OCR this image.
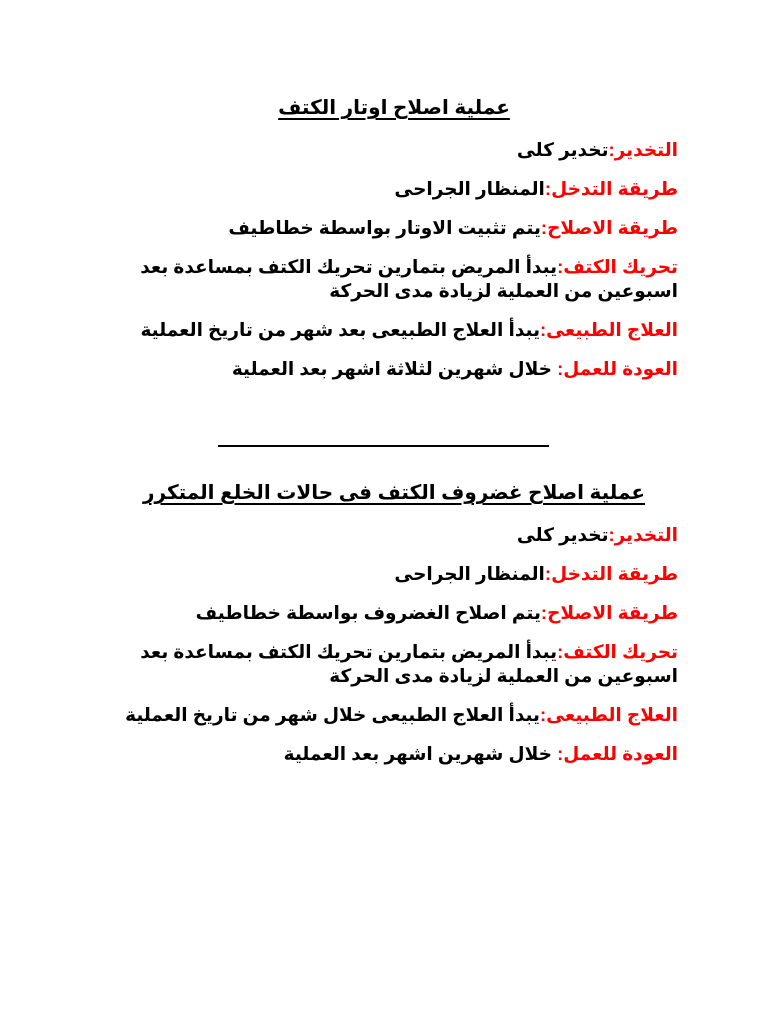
عملية اصلاح اوتار الكتف
التخدير:تخدير كلى
طريقة التدخل:المنظار الجراحى
طريقة الاصلاح:يتم تثبيت الاوتار بواسطة خطاطيف
تحريك الكتف:يبدأ المريض بتمارين تحريك الكتف بمساعدة بعد اسبوعين من العملية لزيادة مدى الحركة
العلاج الطبيعى:يبدأ العلاج الطبيعى بعد شهر من تاريخ العملية
العودة للعمل: خلال شهرين لثلاثة اشهر بعد العملية
عملية اصلاح غضروف الكتف فى حالات الخلع المتكرر
التخدير:تخدير كلى
طريقة التدخل:المنظار الجراحى
طريقة الاصلاح:يتم اصلاح الغضروف بواسطة خطاطيف
تحريك الكتف:يبدأ المريض بتمارين تحريك الكتف بمساعدة بعد اسبوعين من العملية لزيادة مدى الحركة
العلاج الطبيعى:يبدأ العلاج الطبيعى خلال شهر من تاريخ العملية
العودة للعمل: خلال شهرين اشهر بعد العملية
